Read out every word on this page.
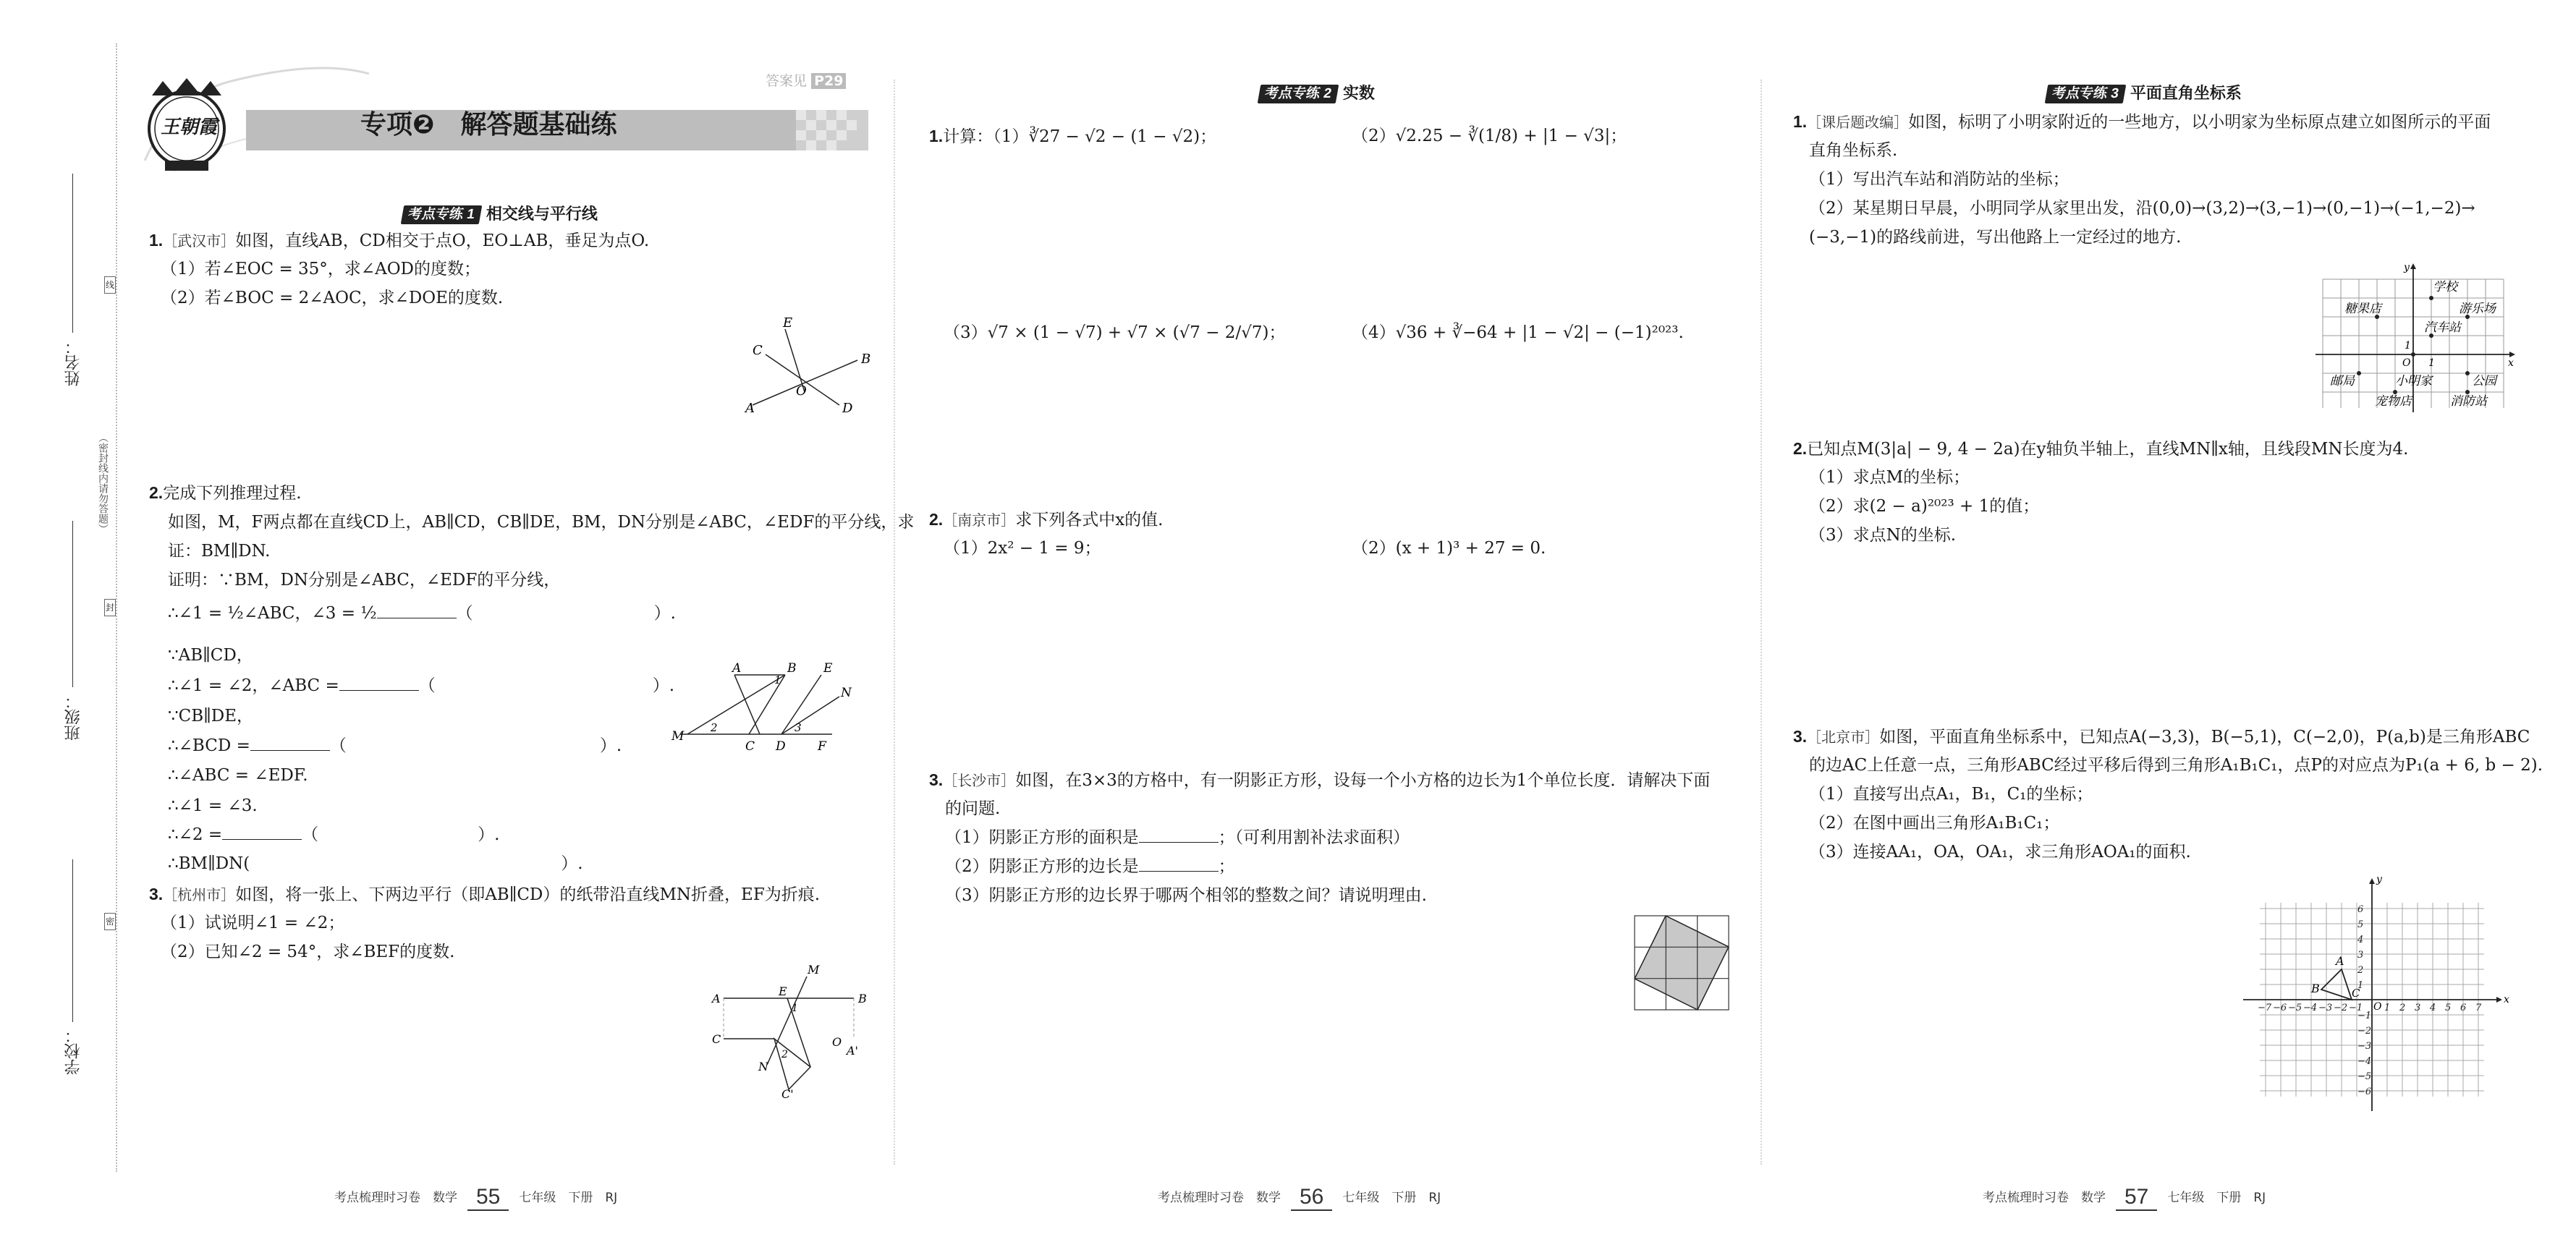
线
封
密
姓名：
（密封线内请勿答题）
班级：
学校：
王朝霞
答案见 P29
专项❷　解答题基础练
考点专练 1 相交线与平行线
1.［武汉市］如图，直线AB，CD相交于点O，EO⊥AB，垂足为点O.
（1）若∠EOC = 35°，求∠AOD的度数；
（2）若∠BOC = 2∠AOC，求∠DOE的度数.
A
B
C
D
E
O
2.完成下列推理过程.
如图，M，F两点都在直线CD上，AB∥CD，CB∥DE，BM，DN分别是∠ABC，∠EDF的平分线，求
证：BM∥DN.
证明：∵BM，DN分别是∠ABC，∠EDF的平分线，
∴∠1 = ½∠ABC，∠3 = ½	（	）.
∵AB∥CD，
∴∠1 = ∠2，∠ABC =	（	）.
∵CB∥DE，
∴∠BCD =	（	）.
∴∠ABC = ∠EDF.
∴∠1 = ∠3.
∴∠2 =	（	）.
∴BM∥DN(	）.
M
A	B E
N
C D	F
2
1
3
3.［杭州市］如图，将一张上、下两边平行（即AB∥CD）的纸带沿直线MN折叠，EF为折痕.
（1）试说明∠1 = ∠2；
（2）已知∠2 = 54°，求∠BEF的度数.
A	B
C
M
N
E
O
A'
C'
2
1
考点梳理时习卷　数学 55 七年级　下册　RJ
考点专练 2 实数
1.计算：（1）∛27 − √2 − (1 − √2)；	（2）√2.25 − ∛(1/8) + |1 − √3|；
（3）√7 × (1 − √7) + √7 × (√7 − 2/√7)；	（4）√36 + ∛−64 + |1 − √2| − (−1)²⁰²³.
2.［南京市］求下列各式中x的值.
（1）2x² − 1 = 9；	（2）(x + 1)³ + 27 = 0.
3.［长沙市］如图，在3×3的方格中，有一阴影正方形，设每一个小方格的边长为1个单位长度．请解决下面
的问题.
（1）阴影正方形的面积是	；（可利用割补法求面积）
（2）阴影正方形的边长是	；
（3）阴影正方形的边长界于哪两个相邻的整数之间？请说明理由.
考点梳理时习卷　数学 56 七年级　下册　RJ
考点专练 3 平面直角坐标系
1.［课后题改编］如图，标明了小明家附近的一些地方，以小明家为坐标原点建立如图所示的平面
直角坐标系.
（1）写出汽车站和消防站的坐标；
（2）某星期日早晨，小明同学从家里出发，沿(0,0)→(3,2)→(3,−1)→(0,−1)→(−1,−2)→
(−3,−1)的路线前进，写出他路上一定经过的地方.
学校
糖果店	游乐场
汽车站
邮局	小明家	公园
宠物店	消防站
y
x
1
1
O
2.已知点M(3|a| − 9, 4 − 2a)在y轴负半轴上，直线MN∥x轴，且线段MN长度为4.
（1）求点M的坐标；
（2）求(2 − a)²⁰²³ + 1的值；
（3）求点N的坐标.
3.［北京市］如图，平面直角坐标系中，已知点A(−3,3)，B(−5,1)，C(−2,0)，P(a,b)是三角形ABC
的边AC上任意一点，三角形ABC经过平移后得到三角形A₁B₁C₁，点P的对应点为P₁(a + 6, b − 2).
（1）直接写出点A₁，B₁，C₁的坐标；
（2）在图中画出三角形A₁B₁C₁；
（3）连接AA₁，OA，OA₁，求三角形AOA₁的面积.
A
B	C	x
y
O
−7 −6 −5 −4 −3 −2 −1 1 2 3 4 5 6 7
−6
−5
−4
−3
−2
−1
1
2
3
4
5
6
考点梳理时习卷　数学 57 七年级　下册　RJ
